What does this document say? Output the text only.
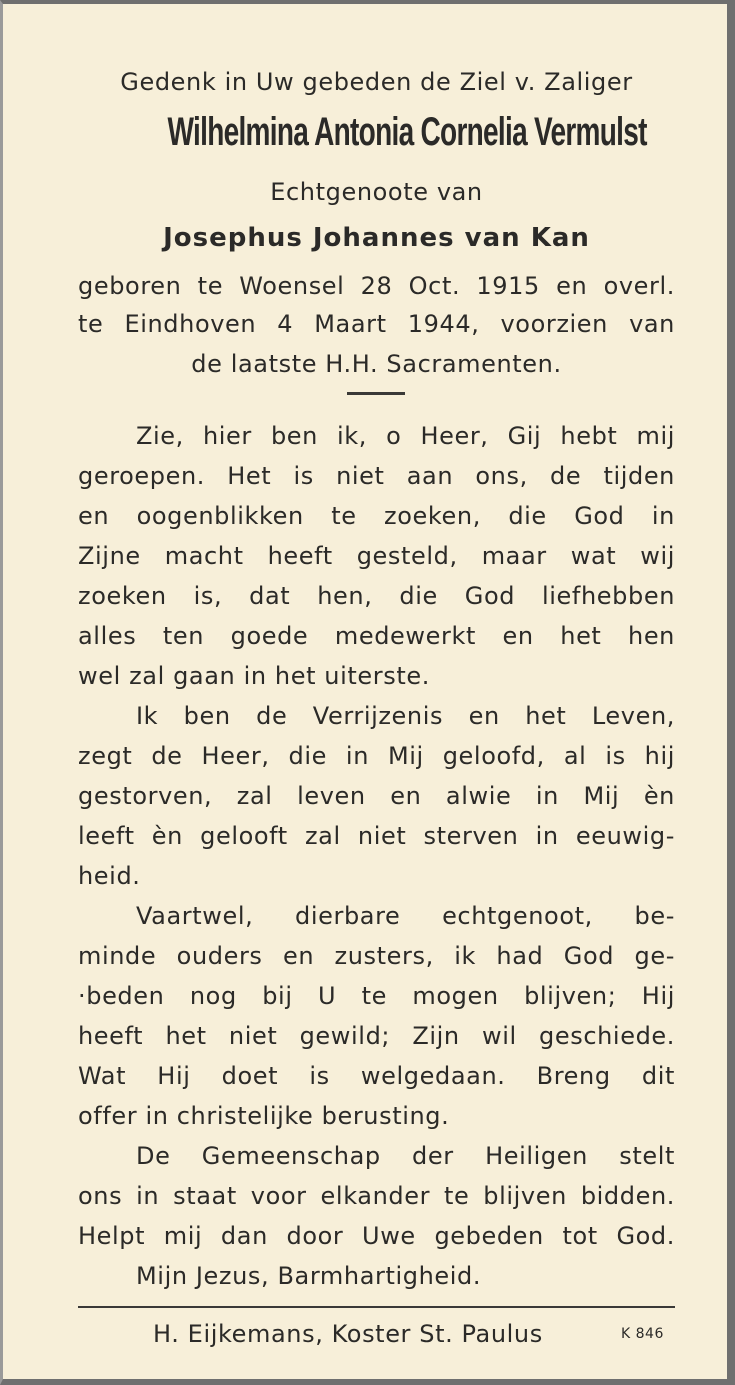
Gedenk in Uw gebeden de Ziel v. Zaliger

Wilhelmina Antonia Cornelia Vermulst

Echtgenoote van

Josephus Johannes van Kan

geboren te Woensel 28 Oct. 1915 en overl.

te Eindhoven 4 Maart 1944, voorzien van

de laatste H.H. Sacramenten.

Zie, hier ben ik, o Heer, Gij hebt mij

geroepen. Het is niet aan ons, de tijden

en oogenblikken te zoeken, die God in

Zijne macht heeft gesteld, maar wat wij

zoeken is, dat hen, die God liefhebben

alles ten goede medewerkt en het hen

wel zal gaan in het uiterste.

Ik ben de Verrijzenis en het Leven,

zegt de Heer, die in Mij geloofd, al is hij

gestorven, zal leven en alwie in Mij èn

leeft èn gelooft zal niet sterven in eeuwig-

heid.

Vaartwel, dierbare echtgenoot, be-

minde ouders en zusters, ik had God ge-

·beden nog bij U te mogen blijven; Hij

heeft het niet gewild; Zijn wil geschiede.

Wat Hij doet is welgedaan. Breng dit

offer in christelijke berusting.

De Gemeenschap der Heiligen stelt

ons in staat voor elkander te blijven bidden.

Helpt mij dan door Uwe gebeden tot God.

Mijn Jezus, Barmhartigheid.

H. Eijkemans, Koster St. Paulus	K 846
